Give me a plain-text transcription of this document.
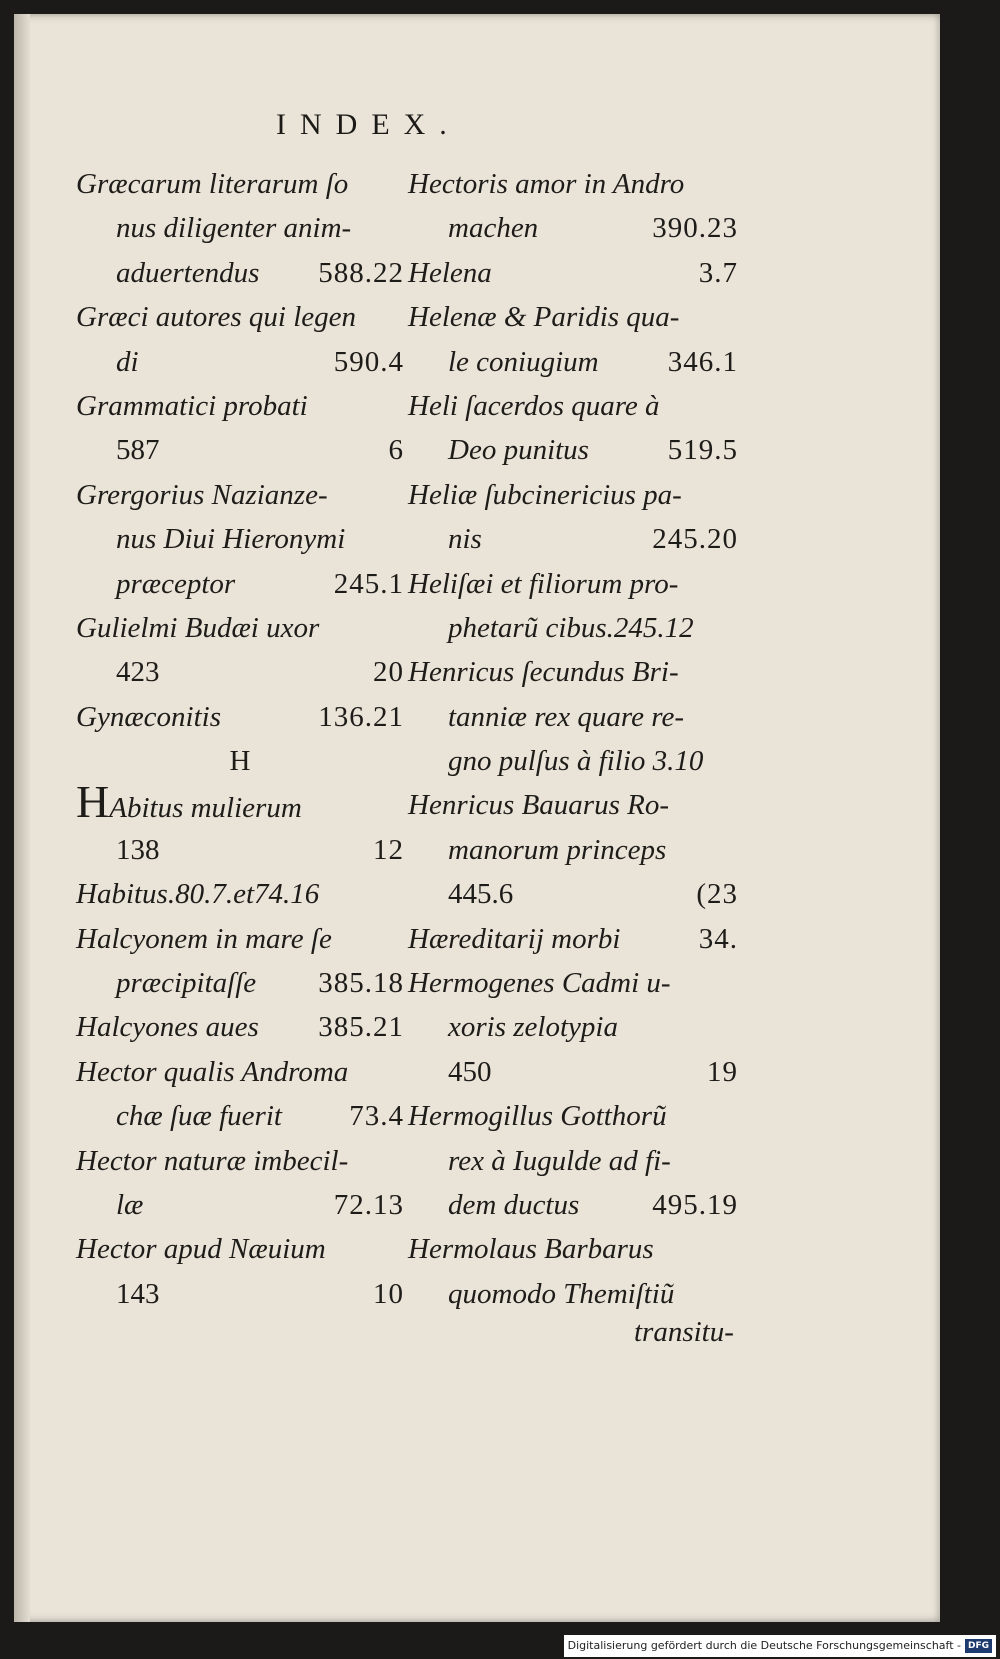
INDEX.
Græcarum literarum ſo
nus diligenter anim-
aduertendus 588.22
Græci autores qui legen
di	590.4
Grammatici probati
587	6
Grergorius Nazianze-
nus Diui Hieronymi
præceptor	245.1
Gulielmi Budæi uxor
423	20
Gynæconitis	136.21
H
HAbitus mulierum
138	12
Habitus.80.7.et74.16
Halcyonem in mare ſe
præcipitaſſe 385.18
Halcyones aues 385.21
Hector qualis Androma
chæ ſuæ fuerit 73.4
Hector naturæ imbecil-
læ	72.13
Hector apud Næuium
143	10
Hectoris amor in Andro
machen	390.23
Helena	3.7
Helenæ & Paridis qua-
le coniugium 346.1
Heli ſacerdos quare à
Deo punitus	519.5
Heliæ ſubcinericius pa-
nis	245.20
Heliſæi et filiorum pro-
phetarũ cibus.245.12
Henricus ſecundus Bri-
tanniæ rex quare re-
gno pulſus à filio 3.10
Henricus Bauarus Ro-
manorum princeps
445.6	(23
Hæreditarij morbi	34.
Hermogenes Cadmi u-
xoris zelotypia
450	19
Hermogillus Gotthorũ
rex à Iugulde ad fi-
dem ductus	495.19
Hermolaus Barbarus
quomodo Themiſtiũ
transitu-
Digitalisierung gefördert durch die Deutsche Forschungsgemeinschaft - DFG
